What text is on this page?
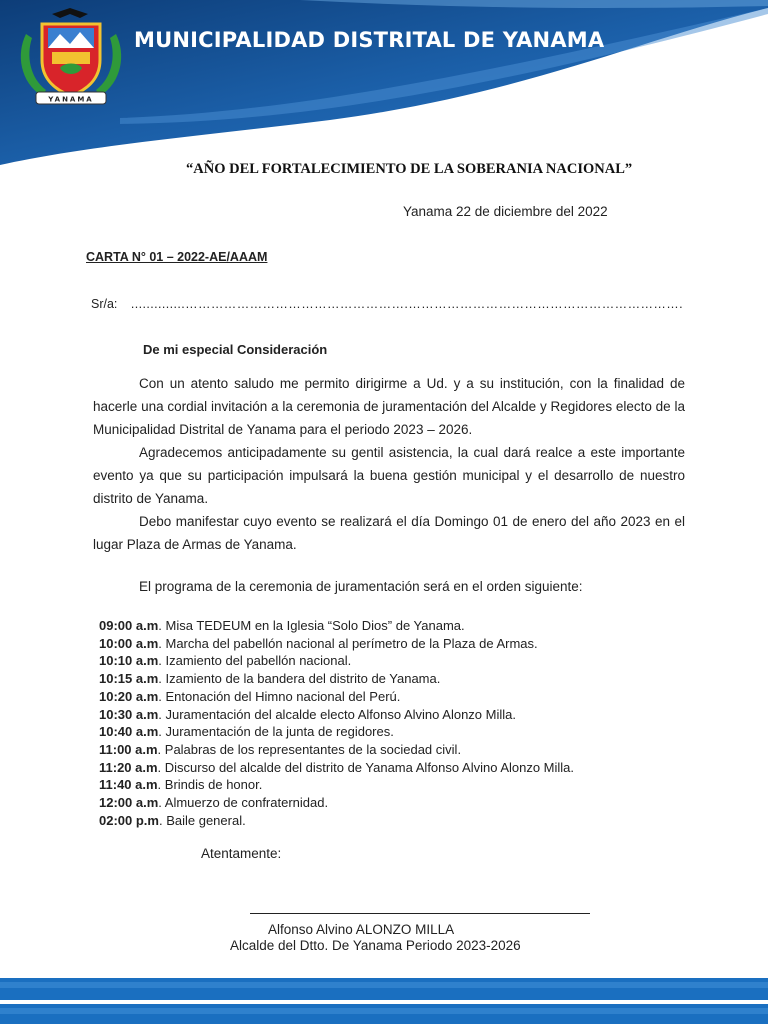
YANAMA
MUNICIPALIDAD DISTRITAL DE YANAMA
“AÑO DEL FORTALECIMIENTO DE LA SOBERANIA NACIONAL”
Yanama 22 de diciembre del 2022
CARTA N° 01 – 2022-AE/AAAM
Sr/a: ..............…………………………………………….……………………………………………………….
De mi especial Consideración

Con un atento saludo me permito dirigirme a Ud. y a su institución, con la finalidad de hacerle una cordial invitación a la ceremonia de juramentación del Alcalde y Regidores electo de la Municipalidad Distrital de Yanama para el periodo 2023 – 2026.

Agradecemos anticipadamente su gentil asistencia, la cual dará realce a este importante evento ya que su participación impulsará la buena gestión municipal y el desarrollo de nuestro distrito de Yanama.

Debo manifestar cuyo evento se realizará el día Domingo 01 de enero del año 2023 en el lugar Plaza de Armas de Yanama.

El programa de la ceremonia de juramentación será en el orden siguiente:
09:00 a.m. Misa TEDEUM en la Iglesia “Solo Dios” de Yanama.
10:00 a.m. Marcha del pabellón nacional al perímetro de la Plaza de Armas.
10:10 a.m. Izamiento del pabellón nacional.
10:15 a.m. Izamiento de la bandera del distrito de Yanama.
10:20 a.m. Entonación del Himno nacional del Perú.
10:30 a.m. Juramentación del alcalde electo Alfonso Alvino Alonzo Milla.
10:40 a.m. Juramentación de la junta de regidores.
11:00 a.m. Palabras de los representantes de la sociedad civil.
11:20 a.m. Discurso del alcalde del distrito de Yanama Alfonso Alvino Alonzo Milla.
11:40 a.m. Brindis de honor.
12:00 a.m. Almuerzo de confraternidad.
02:00 p.m. Baile general.
Atentamente:
Alfonso Alvino ALONZO MILLA
Alcalde del Dtto. De Yanama Periodo 2023-2026
